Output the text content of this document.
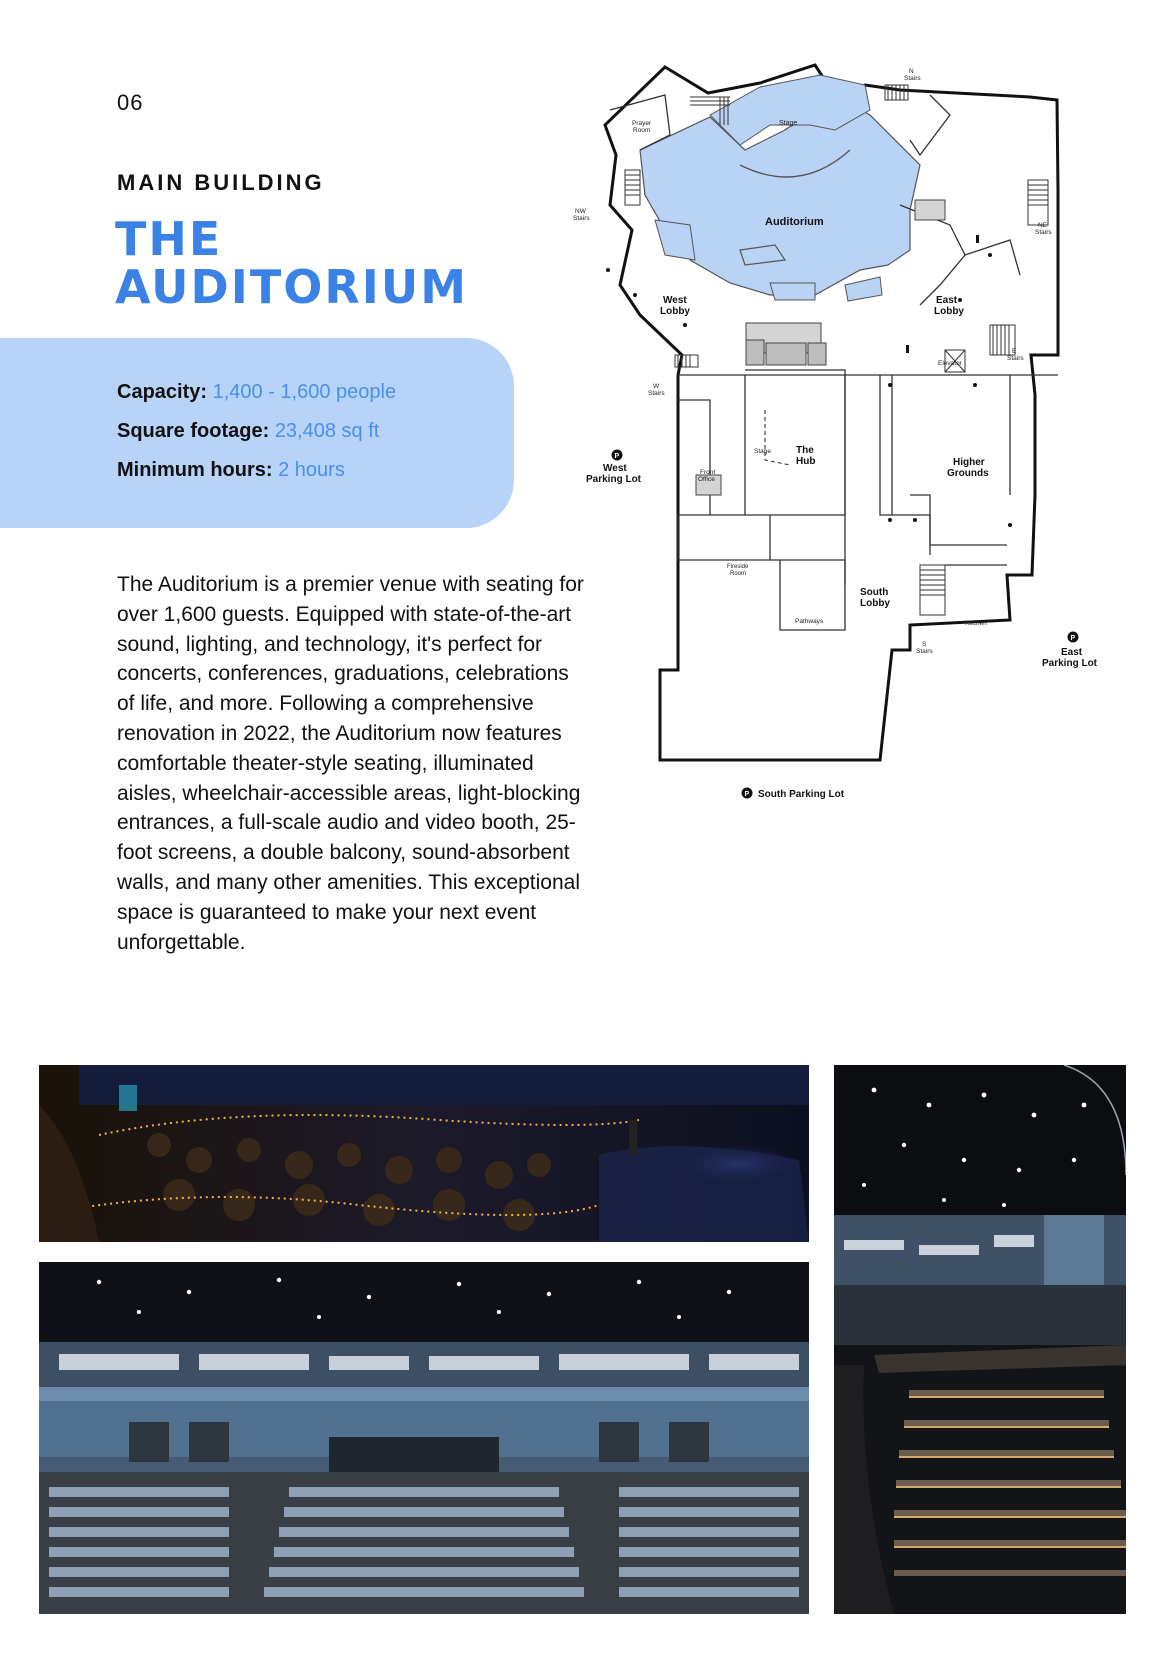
06
MAIN BUILDING
THE
AUDITORIUM
Capacity: 1,400 - 1,600 people
Square footage: 23,408 sq ft
Minimum hours: 2 hours

The Auditorium is a premier venue with seating for over 1,600 guests. Equipped with state-of-the-art sound, lighting, and technology, it's perfect for concerts, conferences, graduations, celebrations of life, and more. Following a comprehensive renovation in 2022, the Auditorium now features comfortable theater-style seating, illuminated aisles, wheelchair-accessible areas, light-blocking entrances, a full-scale audio and video booth, 25-foot screens, a double balcony, sound-absorbent walls, and many other amenities. This exceptional space is guaranteed to make your next event unforgettable.

Auditorium
Stage
Prayer
Room
N
Stairs
NW
Stairs
NE
Stairs
West
Lobby
East
Lobby
E
Stairs
Elevator
W
Stairs
P
West
Parking Lot
Stage	The
Hub
Front
Office
Higher
Grounds
Fireside
Room
South
Lobby
Pathways	Kitchen
S
Stairs
P
East
Parking Lot
P South Parking Lot
